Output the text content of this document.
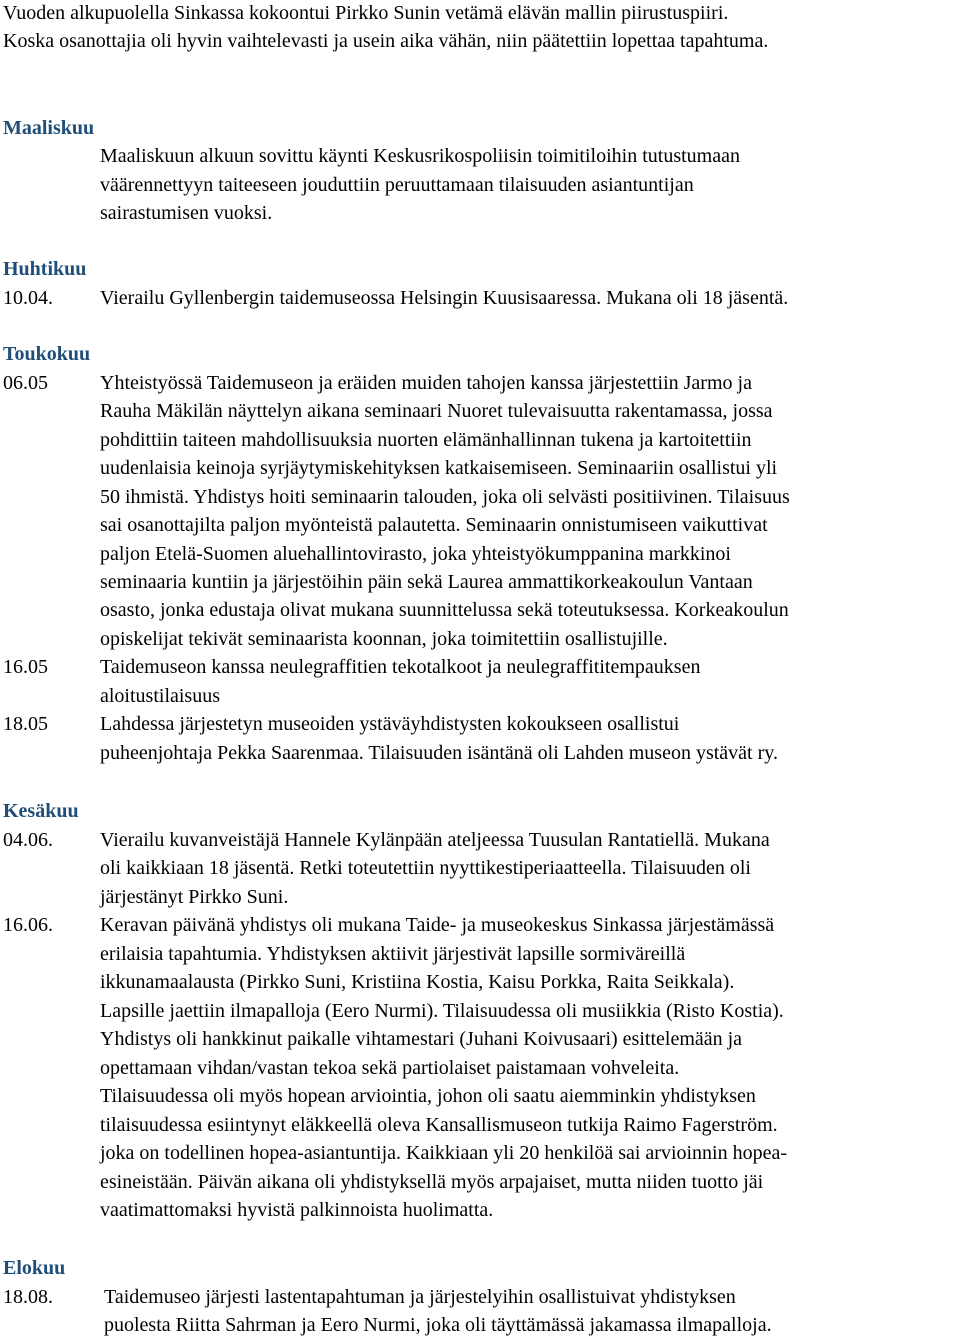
Vuoden alkupuolella Sinkassa kokoontui Pirkko Sunin vetämä elävän mallin piirustuspiiri.
Koska osanottajia oli hyvin vaihtelevasti ja usein aika vähän, niin päätettiin lopettaa tapahtuma.
Maaliskuu
Maaliskuun alkuun sovittu käynti Keskusrikospoliisin toimitiloihin tutustumaan
väärennettyyn taiteeseen jouduttiin peruuttamaan tilaisuuden asiantuntijan
sairastumisen vuoksi.
Huhtikuu
10.04. Vierailu Gyllenbergin taidemuseossa Helsingin Kuusisaaressa. Mukana oli 18 jäsentä.
Toukokuu
06.05	Yhteistyössä Taidemuseon ja eräiden muiden tahojen kanssa järjestettiin Jarmo ja
Rauha Mäkilän näyttelyn aikana seminaari Nuoret tulevaisuutta rakentamassa, jossa
pohdittiin taiteen mahdollisuuksia nuorten elämänhallinnan tukena ja kartoitettiin
uudenlaisia keinoja syrjäytymiskehityksen katkaisemiseen. Seminaariin osallistui yli
50 ihmistä. Yhdistys hoiti seminaarin talouden, joka oli selvästi positiivinen. Tilaisuus
sai osanottajilta paljon myönteistä palautetta. Seminaarin onnistumiseen vaikuttivat
paljon Etelä-Suomen aluehallintovirasto, joka yhteistyökumppanina markkinoi
seminaaria kuntiin ja järjestöihin päin sekä Laurea ammattikorkeakoulun Vantaan
osasto, jonka edustaja olivat mukana suunnittelussa sekä toteutuksessa. Korkeakoulun
opiskelijat tekivät seminaarista koonnan, joka toimitettiin osallistujille.
16.05	Taidemuseon kanssa neulegraffitien tekotalkoot ja neulegraffititempauksen
aloitustilaisuus
18.05	Lahdessa järjestetyn museoiden ystäväyhdistysten kokoukseen osallistui
puheenjohtaja Pekka Saarenmaa. Tilaisuuden isäntänä oli Lahden museon ystävät ry.
Kesäkuu
04.06. Vierailu kuvanveistäjä Hannele Kylänpään ateljeessa Tuusulan Rantatiellä. Mukana
oli kaikkiaan 18 jäsentä. Retki toteutettiin nyyttikestiperiaatteella. Tilaisuuden oli
järjestänyt Pirkko Suni.
16.06. Keravan päivänä yhdistys oli mukana Taide- ja museokeskus Sinkassa järjestämässä
erilaisia tapahtumia. Yhdistyksen aktiivit järjestivät lapsille sormiväreillä
ikkunamaalausta (Pirkko Suni, Kristiina Kostia, Kaisu Porkka, Raita Seikkala).
Lapsille jaettiin ilmapalloja (Eero Nurmi). Tilaisuudessa oli musiikkia (Risto Kostia).
Yhdistys oli hankkinut paikalle vihtamestari (Juhani Koivusaari) esittelemään ja
opettamaan vihdan/vastan tekoa sekä partiolaiset paistamaan vohveleita.
Tilaisuudessa oli myös hopean arviointia, johon oli saatu aiemminkin yhdistyksen
tilaisuudessa esiintynyt eläkkeellä oleva Kansallismuseon tutkija Raimo Fagerström.
joka on todellinen hopea-asiantuntija. Kaikkiaan yli 20 henkilöä sai arvioinnin hopea-
esineistään. Päivän aikana oli yhdistyksellä myös arpajaiset, mutta niiden tuotto jäi
vaatimattomaksi hyvistä palkinnoista huolimatta.
Elokuu
18.08.	Taidemuseo järjesti lastentapahtuman ja järjestelyihin osallistuivat yhdistyksen
puolesta Riitta Sahrman ja Eero Nurmi, joka oli täyttämässä jakamassa ilmapalloja.
